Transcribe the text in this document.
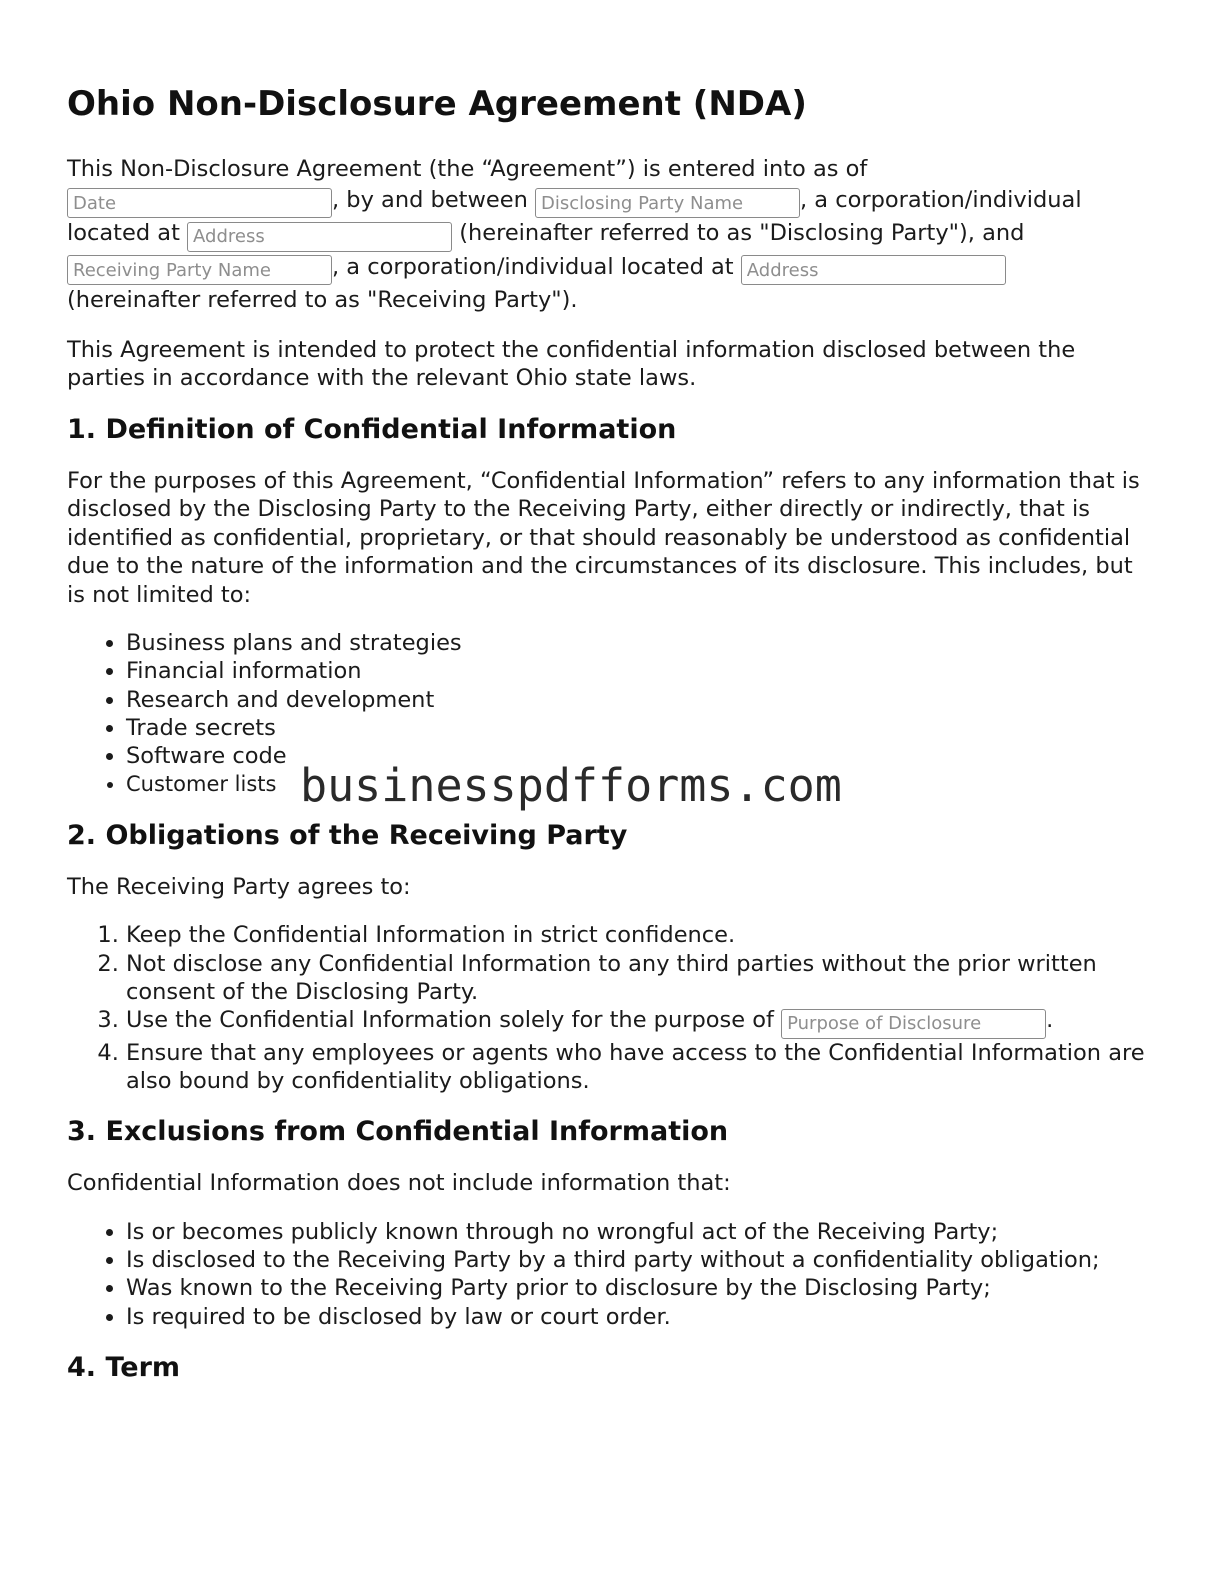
Ohio Non-Disclosure Agreement (NDA)

This Non-Disclosure Agreement (the “Agreement”) is entered into as of
Date, by and between Disclosing Party Name	, a corporation/individual located at Address	(hereinafter referred to as "Disclosing Party"), and
Receiving Party Name, a corporation/individual located at Address
(hereinafter referred to as "Receiving Party").

This Agreement is intended to protect the confidential information disclosed between the parties in accordance with the relevant Ohio state laws.

1. Definition of Confidential Information

For the purposes of this Agreement, “Confidential Information” refers to any information that is disclosed by the Disclosing Party to the Receiving Party, either directly or indirectly, that is identified as confidential, proprietary, or that should reasonably be understood as confidential due to the nature of the information and the circumstances of its disclosure. This includes, but is not limited to:

• Business plans and strategies
• Financial information
• Research and development
• Trade secrets
• Software code
• Customer lists
2. Obligations of the Receiving Party

The Receiving Party agrees to:

1. Keep the Confidential Information in strict confidence.
2. Not disclose any Confidential Information to any third parties without the prior written consent of the Disclosing Party.
3. Use the Confidential Information solely for the purpose of Purpose of Disclosure	.
4. Ensure that any employees or agents who have access to the Confidential Information are also bound by confidentiality obligations.
3. Exclusions from Confidential Information

Confidential Information does not include information that:

• Is or becomes publicly known through no wrongful act of the Receiving Party;
• Is disclosed to the Receiving Party by a third party without a confidentiality obligation;
• Was known to the Receiving Party prior to disclosure by the Disclosing Party;
• Is required to be disclosed by law or court order.
4. Term
businesspdfforms.com
